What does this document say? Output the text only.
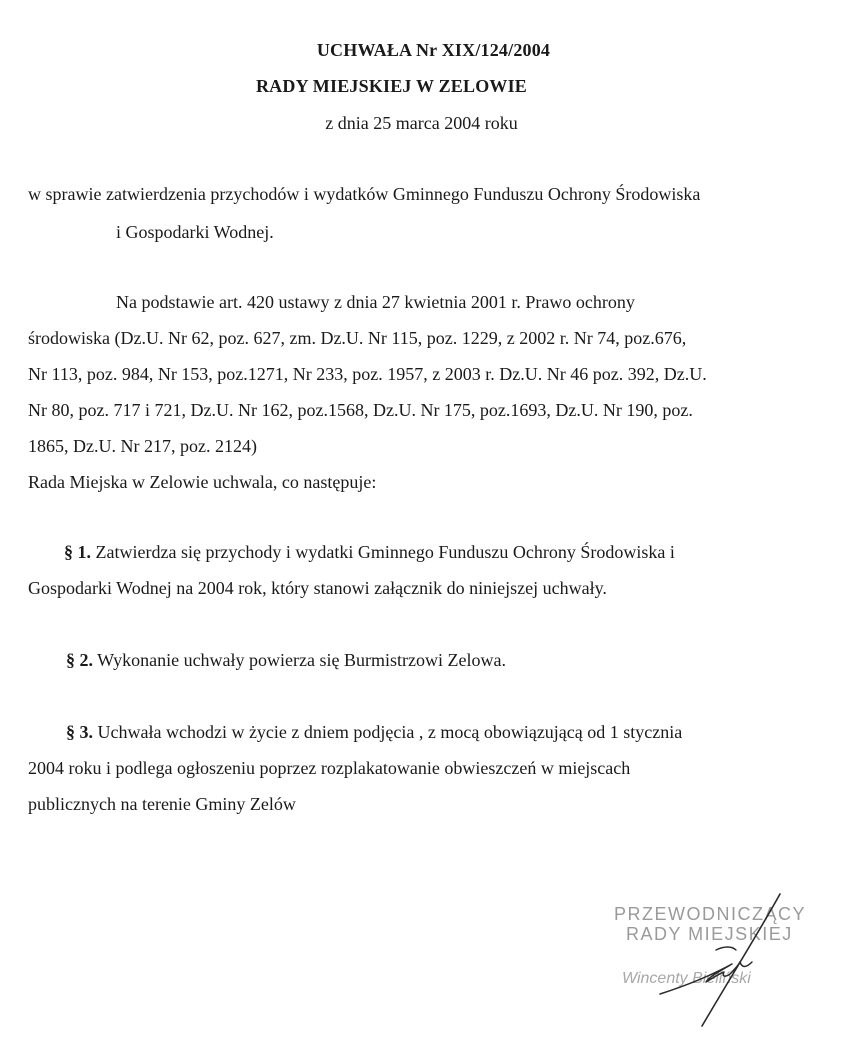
UCHWAŁA Nr XIX/124/2004
RADY MIEJSKIEJ W ZELOWIE
z dnia 25 marca 2004 roku
w sprawie zatwierdzenia przychodów i wydatków Gminnego Funduszu Ochrony Środowiska
i Gospodarki Wodnej.
Na podstawie art. 420 ustawy z dnia 27 kwietnia 2001 r. Prawo ochrony
środowiska (Dz.U. Nr 62, poz. 627, zm. Dz.U. Nr 115, poz. 1229, z 2002 r. Nr 74, poz.676,
Nr 113, poz. 984, Nr 153, poz.1271, Nr 233, poz. 1957, z 2003 r. Dz.U. Nr 46 poz. 392, Dz.U.
Nr 80, poz. 717 i 721, Dz.U. Nr 162, poz.1568, Dz.U. Nr 175, poz.1693, Dz.U. Nr 190, poz.
1865, Dz.U. Nr 217, poz. 2124)
Rada Miejska w Zelowie uchwala, co następuje:
§ 1. Zatwierdza się przychody i wydatki Gminnego Funduszu Ochrony Środowiska i
Gospodarki Wodnej na 2004 rok, który stanowi załącznik do niniejszej uchwały.
§ 2. Wykonanie uchwały powierza się Burmistrzowi Zelowa.
§ 3. Uchwała wchodzi w życie z dniem podjęcia , z mocą obowiązującą od 1 stycznia
2004 roku i podlega ogłoszeniu poprzez rozplakatowanie obwieszczeń w miejscach
publicznych na terenie Gminy Zelów
PRZEWODNICZĄCY
RADY MIEJSKIEJ
Wincenty Bieliński
